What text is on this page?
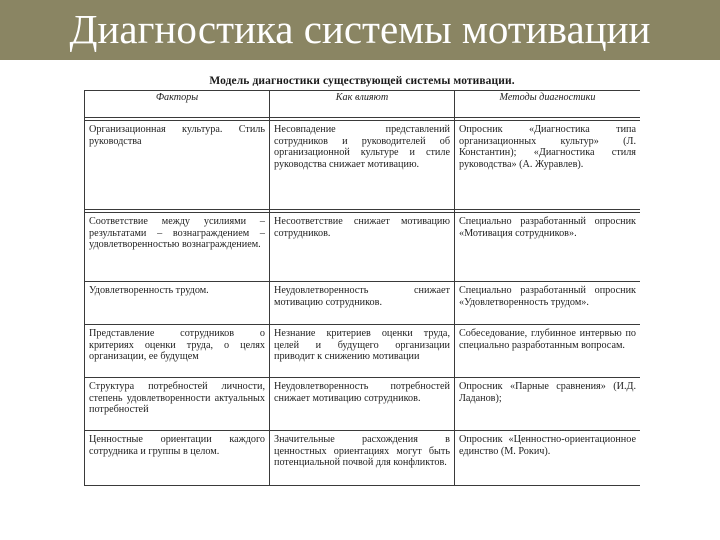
Диагностика системы мотивации
Модель диагностики существующей системы мотивации.
Факторы	Как влияют	Методы диагностики

Организационная культура. Стиль руководства	Несовпадение представлений сотрудников и руководителей об организационной культуре и стиле руководства снижает мотивацию.	Опросник «Диагностика типа организационных культур» (Л. Константин); «Диагностика стиля руководства» (А. Журавлев).

Соответствие между усилиями – результатами – вознаграждением – удовлетворенностью вознаграждением.	Несоответствие снижает мотивацию сотрудников.	Специально разработанный опросник «Мотивация сотрудников».
Удовлетворенность трудом.	Неудовлетворенность снижает мотивацию сотрудников.	Специально разработанный опросник «Удовлетворенность трудом».
Представление сотрудников о критериях оценки труда, о целях организации, ее будущем	Незнание критериев оценки труда, целей и будущего организации приводит к снижению мотивации	Собеседование, глубинное интервью по специально разработанным вопросам.
Структура потребностей личности, степень удовлетворенности актуальных потребностей	Неудовлетворенность потребностей снижает мотивацию сотрудников.	Опросник «Парные сравнения» (И.Д. Ладанов);
Ценностные ориентации каждого сотрудника и группы в целом.	Значительные расхождения в ценностных ориентациях могут быть потенциальной почвой для конфликтов.	Опросник «Ценностно-ориентационное единство (М. Рокич).
